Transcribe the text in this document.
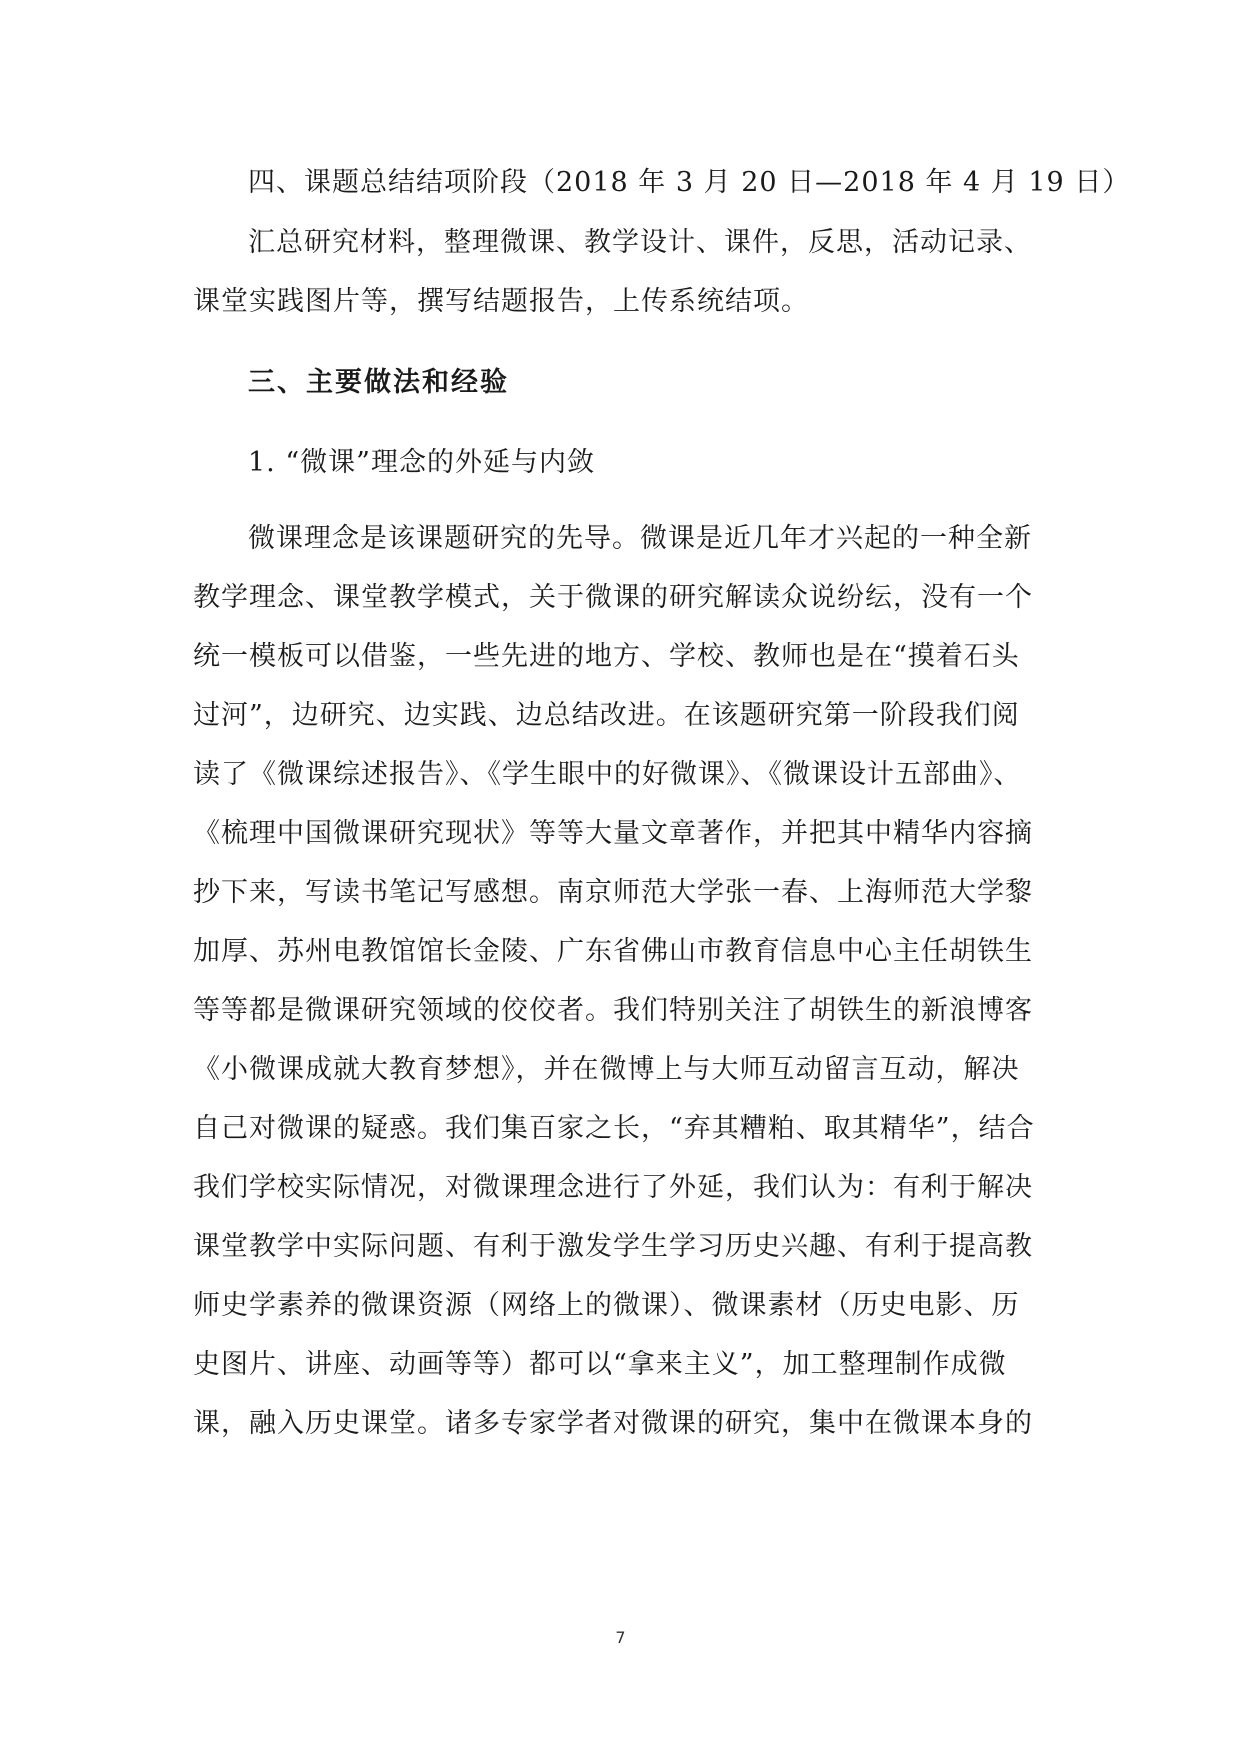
四、课题总结结项阶段（2018 年 3 月 20 日—2018 年 4 月 19 日）
汇总研究材料，整理微课、教学设计、课件，反思，活动记录、
课堂实践图片等，撰写结题报告，上传系统结项。
三、主要做法和经验
1. “微课”理念的外延与内敛
微课理念是该课题研究的先导。微课是近几年才兴起的一种全新
教学理念、课堂教学模式，关于微课的研究解读众说纷纭，没有一个
统一模板可以借鉴，一些先进的地方、学校、教师也是在“摸着石头
过河”，边研究、边实践、边总结改进。在该题研究第一阶段我们阅
读了《微课综述报告》、《学生眼中的好微课》、《微课设计五部曲》、
《梳理中国微课研究现状》等等大量文章著作，并把其中精华内容摘
抄下来，写读书笔记写感想。南京师范大学张一春、上海师范大学黎
加厚、苏州电教馆馆长金陵、广东省佛山市教育信息中心主任胡铁生
等等都是微课研究领域的佼佼者。我们特别关注了胡铁生的新浪博客
《小微课成就大教育梦想》，并在微博上与大师互动留言互动，解决
自己对微课的疑惑。我们集百家之长，“弃其糟粕、取其精华”，结合
我们学校实际情况，对微课理念进行了外延，我们认为：有利于解决
课堂教学中实际问题、有利于激发学生学习历史兴趣、有利于提高教
师史学素养的微课资源（网络上的微课）、微课素材（历史电影、历
史图片、讲座、动画等等）都可以“拿来主义”，加工整理制作成微
课，融入历史课堂。诸多专家学者对微课的研究，集中在微课本身的
7
